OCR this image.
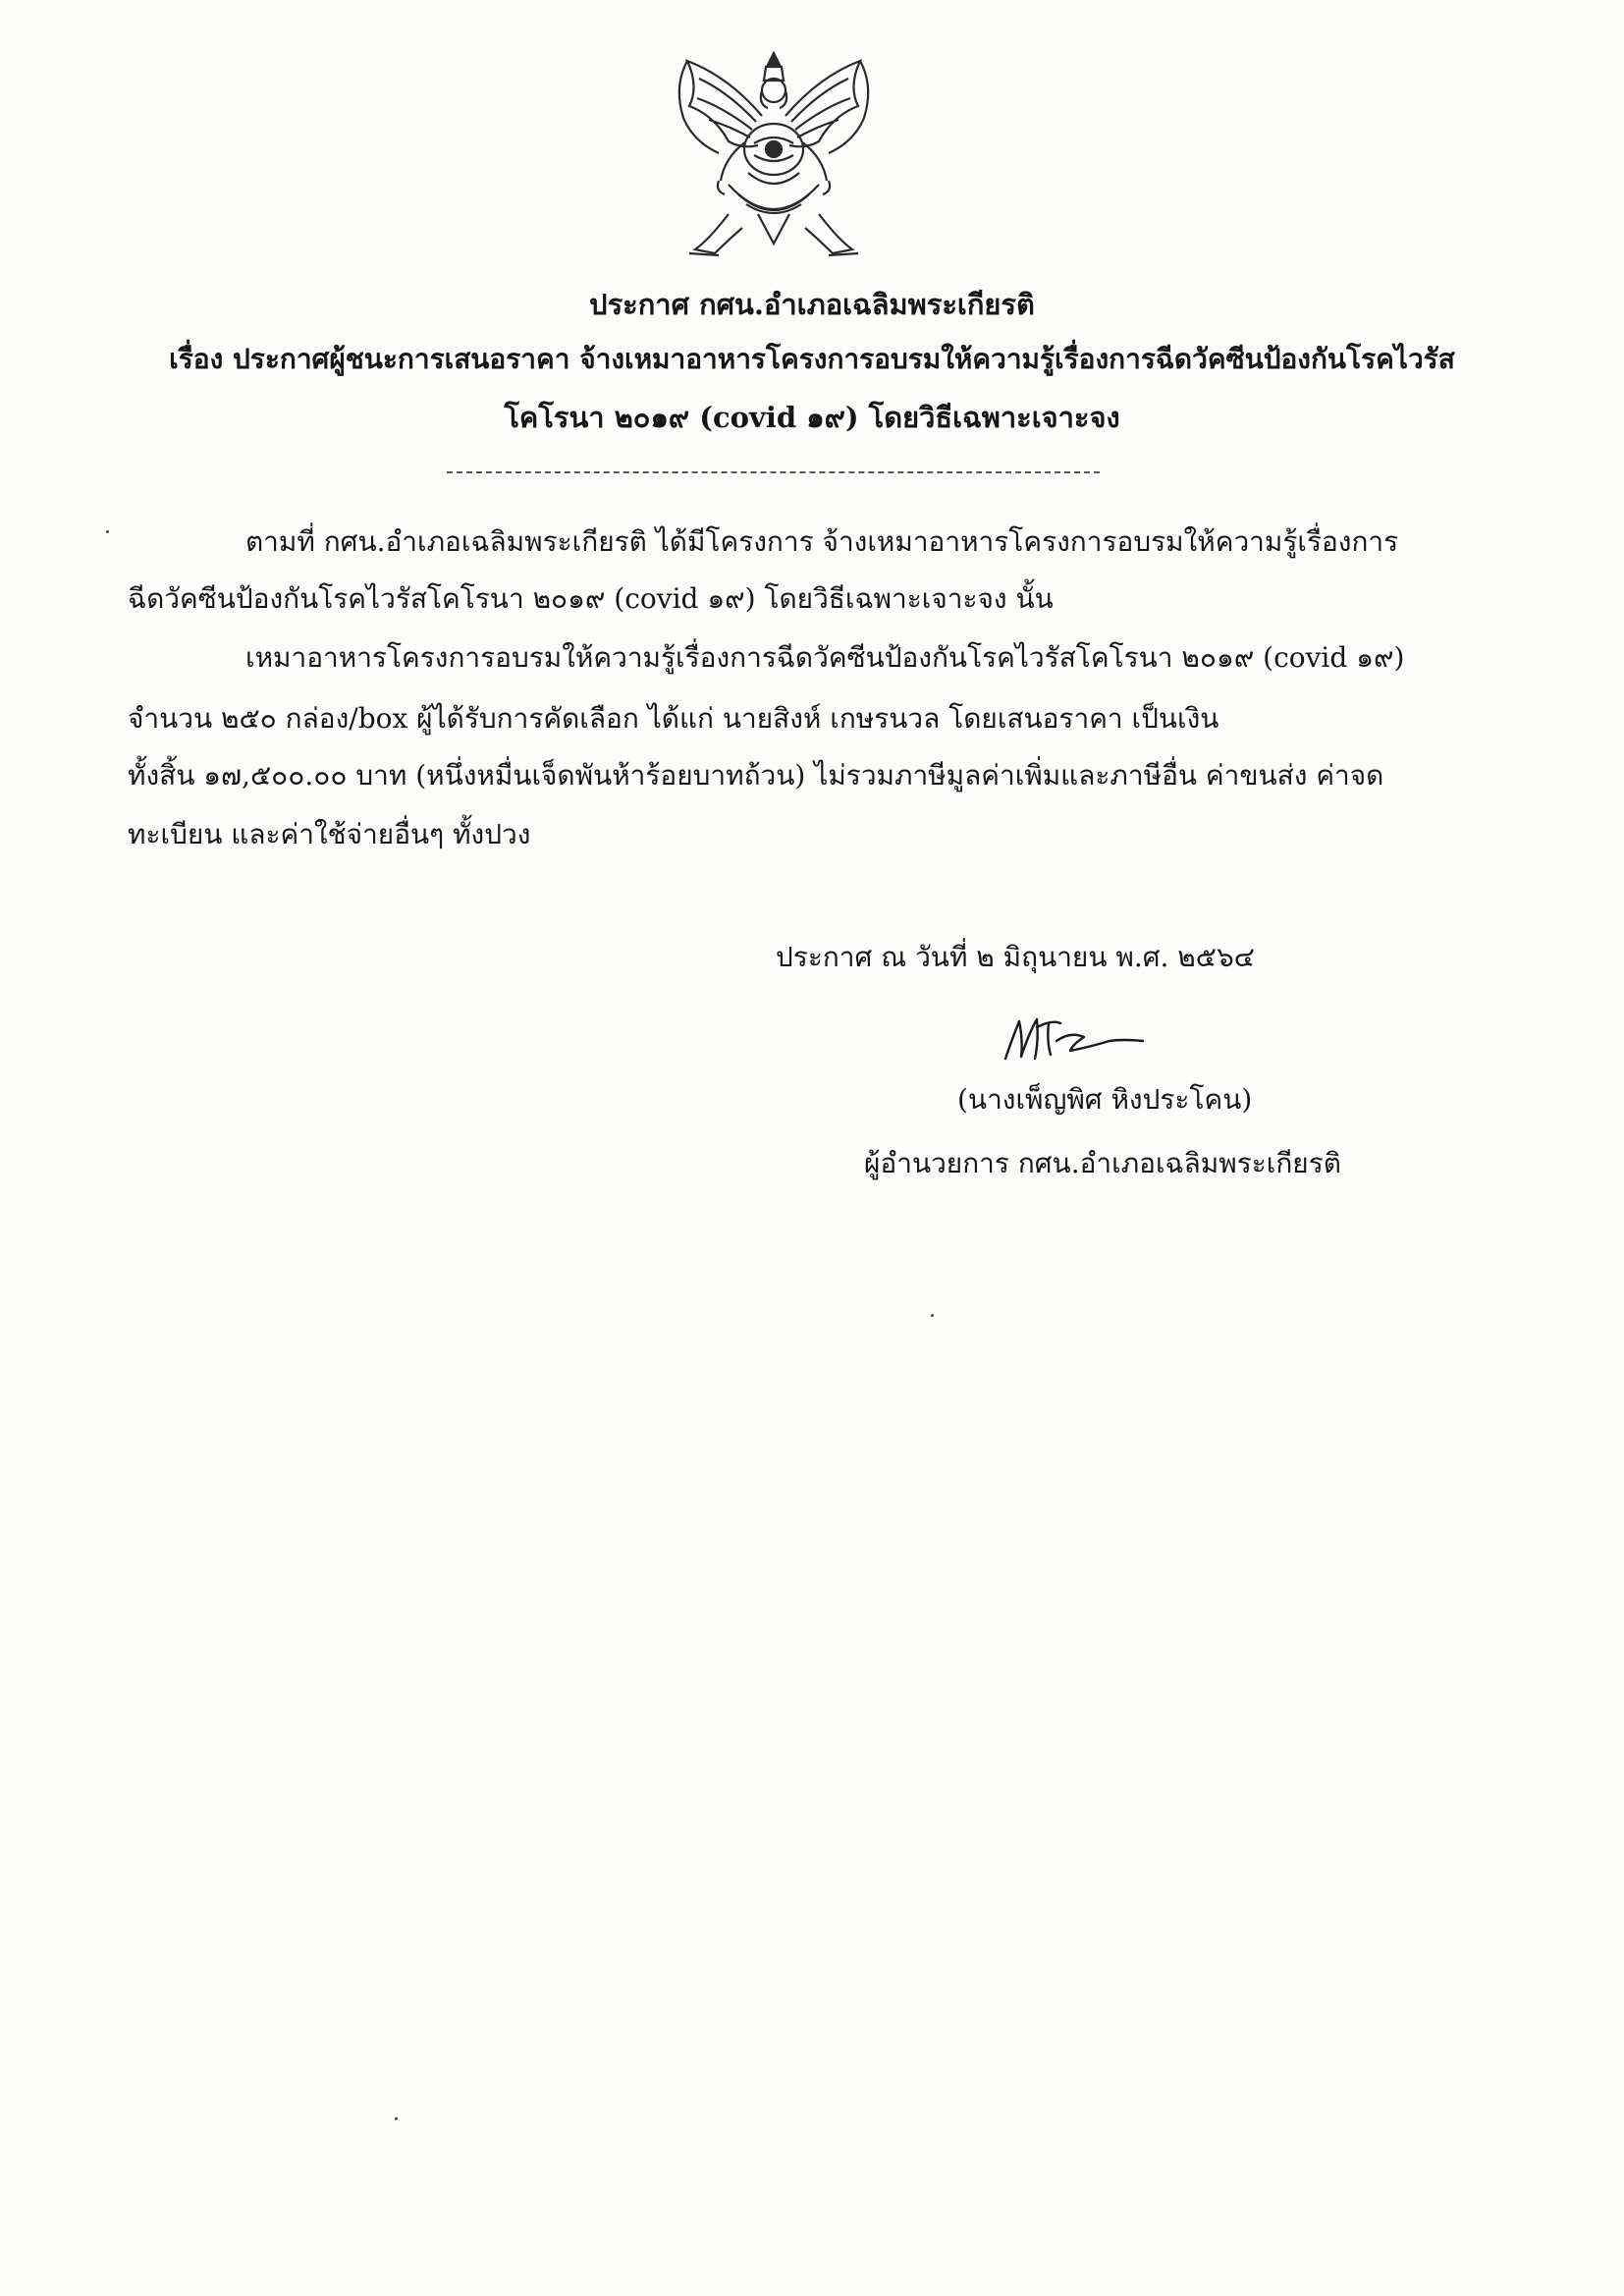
ประกาศ กศน.อำเภอเฉลิมพระเกียรติ
เรื่อง ประกาศผู้ชนะการเสนอราคา จ้างเหมาอาหารโครงการอบรมให้ความรู้เรื่องการฉีดวัคซีนป้องกันโรคไวรัส
โคโรนา ๒๐๑๙ (covid ๑๙) โดยวิธีเฉพาะเจาะจง
ตามที่ กศน.อำเภอเฉลิมพระเกียรติ ได้มีโครงการ จ้างเหมาอาหารโครงการอบรมให้ความรู้เรื่องการ
ฉีดวัคซีนป้องกันโรคไวรัสโคโรนา ๒๐๑๙ (covid ๑๙) โดยวิธีเฉพาะเจาะจง นั้น
เหมาอาหารโครงการอบรมให้ความรู้เรื่องการฉีดวัคซีนป้องกันโรคไวรัสโคโรนา ๒๐๑๙ (covid ๑๙)
จำนวน ๒๕๐ กล่อง/box ผู้ได้รับการคัดเลือก ได้แก่ นายสิงห์ เกษรนวล โดยเสนอราคา เป็นเงิน
ทั้งสิ้น ๑๗,๕๐๐.๐๐ บาท (หนึ่งหมื่นเจ็ดพันห้าร้อยบาทถ้วน) ไม่รวมภาษีมูลค่าเพิ่มและภาษีอื่น ค่าขนส่ง ค่าจด
ทะเบียน และค่าใช้จ่ายอื่นๆ ทั้งปวง
ประกาศ ณ วันที่ ๒ มิถุนายน พ.ศ. ๒๕๖๔
(นางเพ็ญพิศ หิงประโคน)
ผู้อำนวยการ กศน.อำเภอเฉลิมพระเกียรติ
